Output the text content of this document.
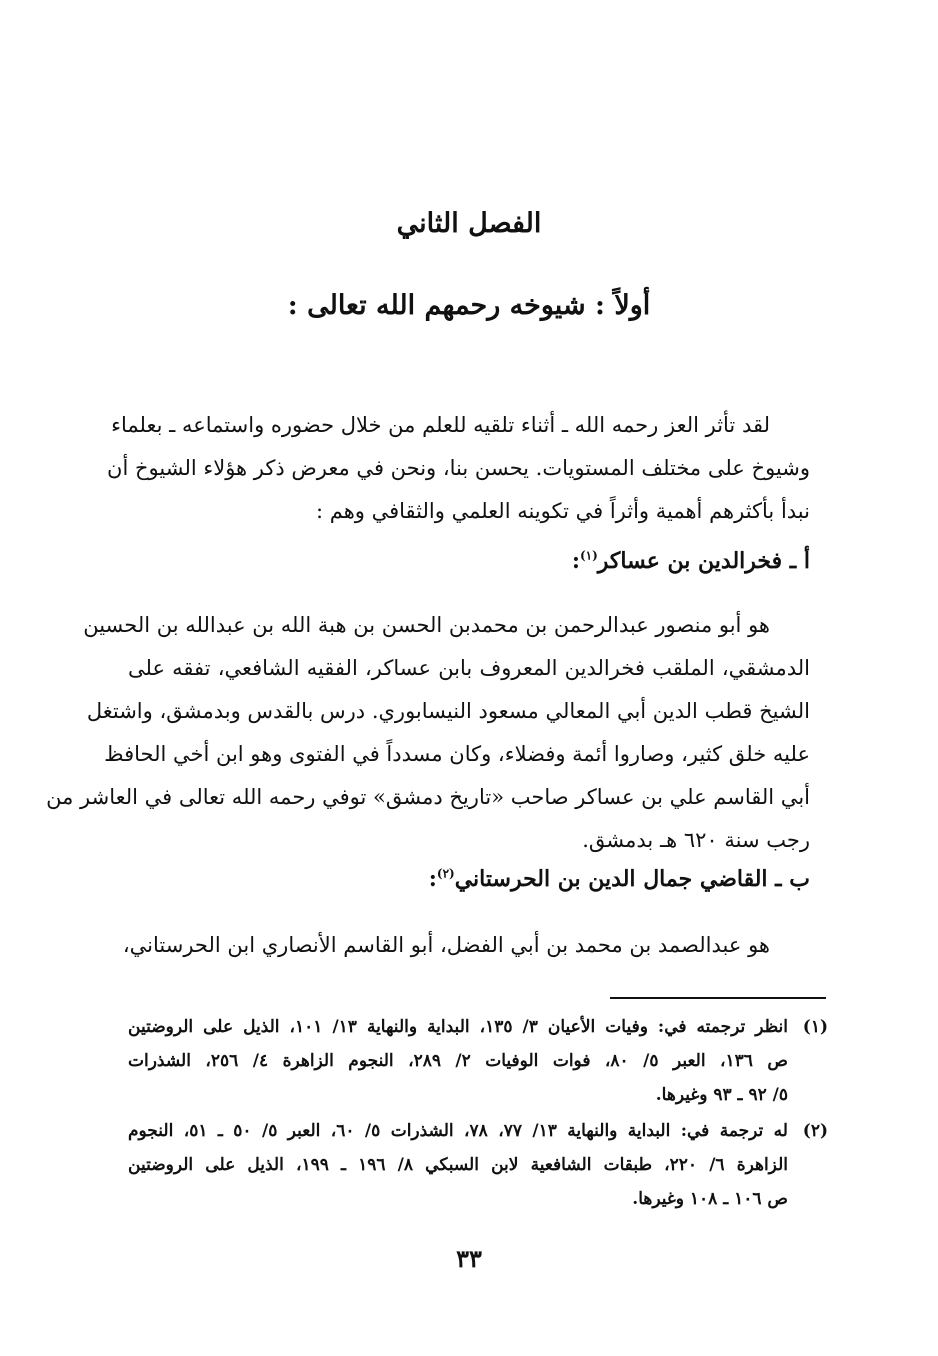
الفصل الثاني
أولاً : شيوخه رحمهم الله تعالى :

لقد تأثر العز رحمه الله ـ أثناء تلقيه للعلم من خلال حضوره واستماعه ـ بعلماء
وشيوخ على مختلف المستويات. يحسن بنا، ونحن في معرض ذكر هؤلاء الشيوخ أن
نبدأ بأكثرهم أهمية وأثراً في تكوينه العلمي والثقافي وهم :

أ ـ فخرالدين بن عساكر$^{(١)}$:

هو أبو منصور عبدالرحمن بن محمدبن الحسن بن هبة الله بن عبدالله بن الحسين
الدمشقي، الملقب فخرالدين المعروف بابن عساكر، الفقيه الشافعي، تفقه على
الشيخ قطب الدين أبي المعالي مسعود النيسابوري. درس بالقدس وبدمشق، واشتغل
عليه خلق كثير، وصاروا أئمة وفضلاء، وكان مسدداً في الفتوى وهو ابن أخي الحافظ
أبي القاسم علي بن عساكر صاحب «تاريخ دمشق» توفي رحمه الله تعالى في العاشر من
رجب سنة ٦٢٠ هـ بدمشق.

ب ـ القاضي جمال الدين بن الحرستاني$^{(٢)}$:

هو عبدالصمد بن محمد بن أبي الفضل، أبو القاسم الأنصاري ابن الحرستاني،

(١)
انظر ترجمته في: وفيات الأعيان ٣/ ١٣٥، البداية والنهاية ١٣/ ١٠١، الذيل على الروضتين
ص ١٣٦، العبر ٥/ ٨٠، فوات الوفيات ٢/ ٢٨٩، النجوم الزاهرة ٤/ ٢٥٦، الشذرات
٥/ ٩٢ ـ ٩٣ وغيرها.
(٢)
له ترجمة في: البداية والنهاية ١٣/ ٧٧، ٧٨، الشذرات ٥/ ٦٠، العبر ٥/ ٥٠ ـ ٥١، النجوم
الزاهرة ٦/ ٢٢٠، طبقات الشافعية لابن السبكي ٨/ ١٩٦ ـ ١٩٩، الذيل على الروضتين
ص ١٠٦ ـ ١٠٨ وغيرها.
٣٣
